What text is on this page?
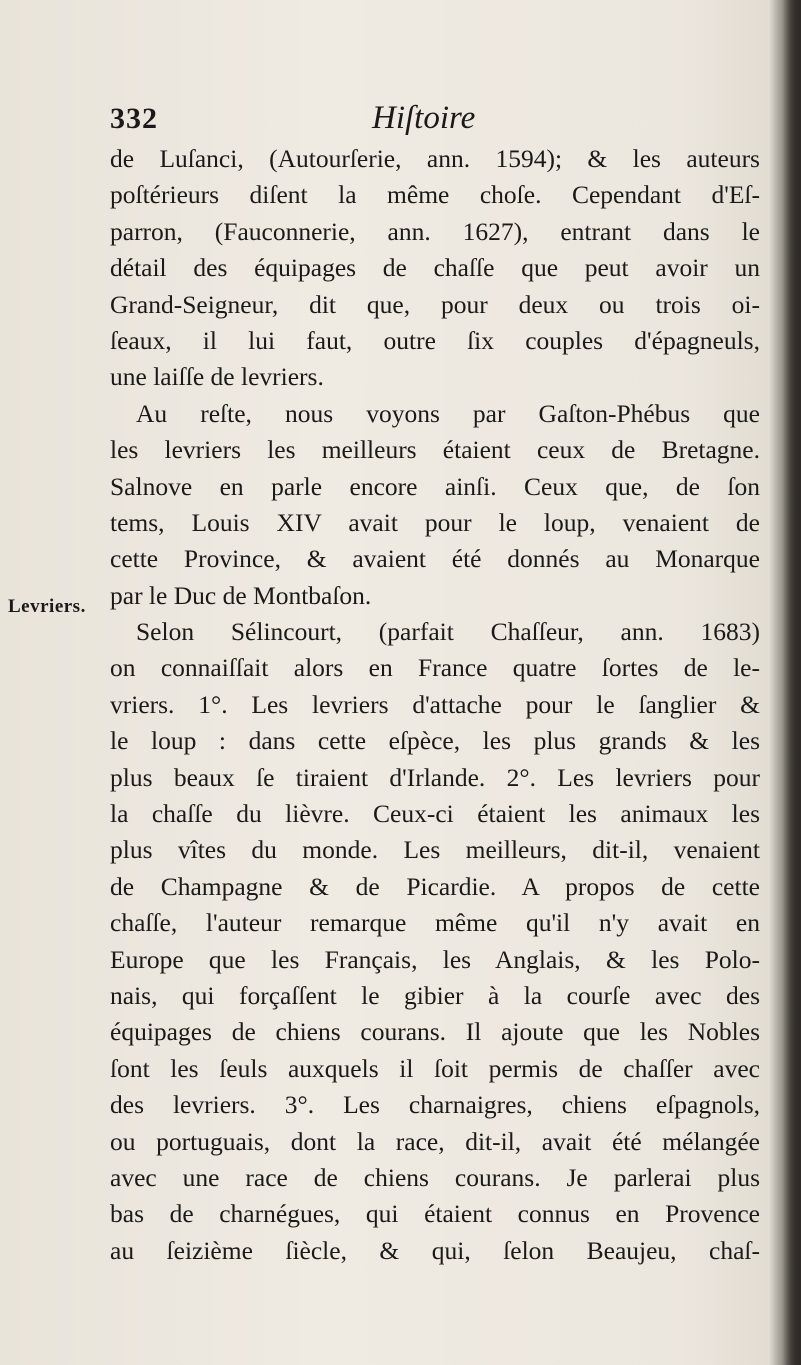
332	Hiſtoire
Levriers.
de Luſanci, (Autourſerie, ann. 1594); & les auteurs
poſtérieurs diſent la même choſe. Cependant d'Eſ-
parron, (Fauconnerie, ann. 1627), entrant dans le
détail des équipages de chaſſe que peut avoir un
Grand-Seigneur, dit que, pour deux ou trois oi-
ſeaux, il lui faut, outre ſix couples d'épagneuls,
une laiſſe de levriers.
Au reſte, nous voyons par Gaſton-Phébus que
les levriers les meilleurs étaient ceux de Bretagne.
Salnove en parle encore ainſi. Ceux que, de ſon
tems, Louis XIV avait pour le loup, venaient de
cette Province, & avaient été donnés au Monarque
par le Duc de Montbaſon.
Selon Sélincourt, (parfait Chaſſeur, ann. 1683)
on connaiſſait alors en France quatre ſortes de le-
vriers. 1°. Les levriers d'attache pour le ſanglier &
le loup : dans cette eſpèce, les plus grands & les
plus beaux ſe tiraient d'Irlande. 2°. Les levriers pour
la chaſſe du lièvre. Ceux-ci étaient les animaux les
plus vîtes du monde. Les meilleurs, dit-il, venaient
de Champagne & de Picardie. A propos de cette
chaſſe, l'auteur remarque même qu'il n'y avait en
Europe que les Français, les Anglais, & les Polo-
nais, qui forçaſſent le gibier à la courſe avec des
équipages de chiens courans. Il ajoute que les Nobles
ſont les ſeuls auxquels il ſoit permis de chaſſer avec
des levriers. 3°. Les charnaigres, chiens eſpagnols,
ou portuguais, dont la race, dit-il, avait été mélangée
avec une race de chiens courans. Je parlerai plus
bas de charnégues, qui étaient connus en Provence
au ſeizième ſiècle, & qui, ſelon Beaujeu, chaſ-
